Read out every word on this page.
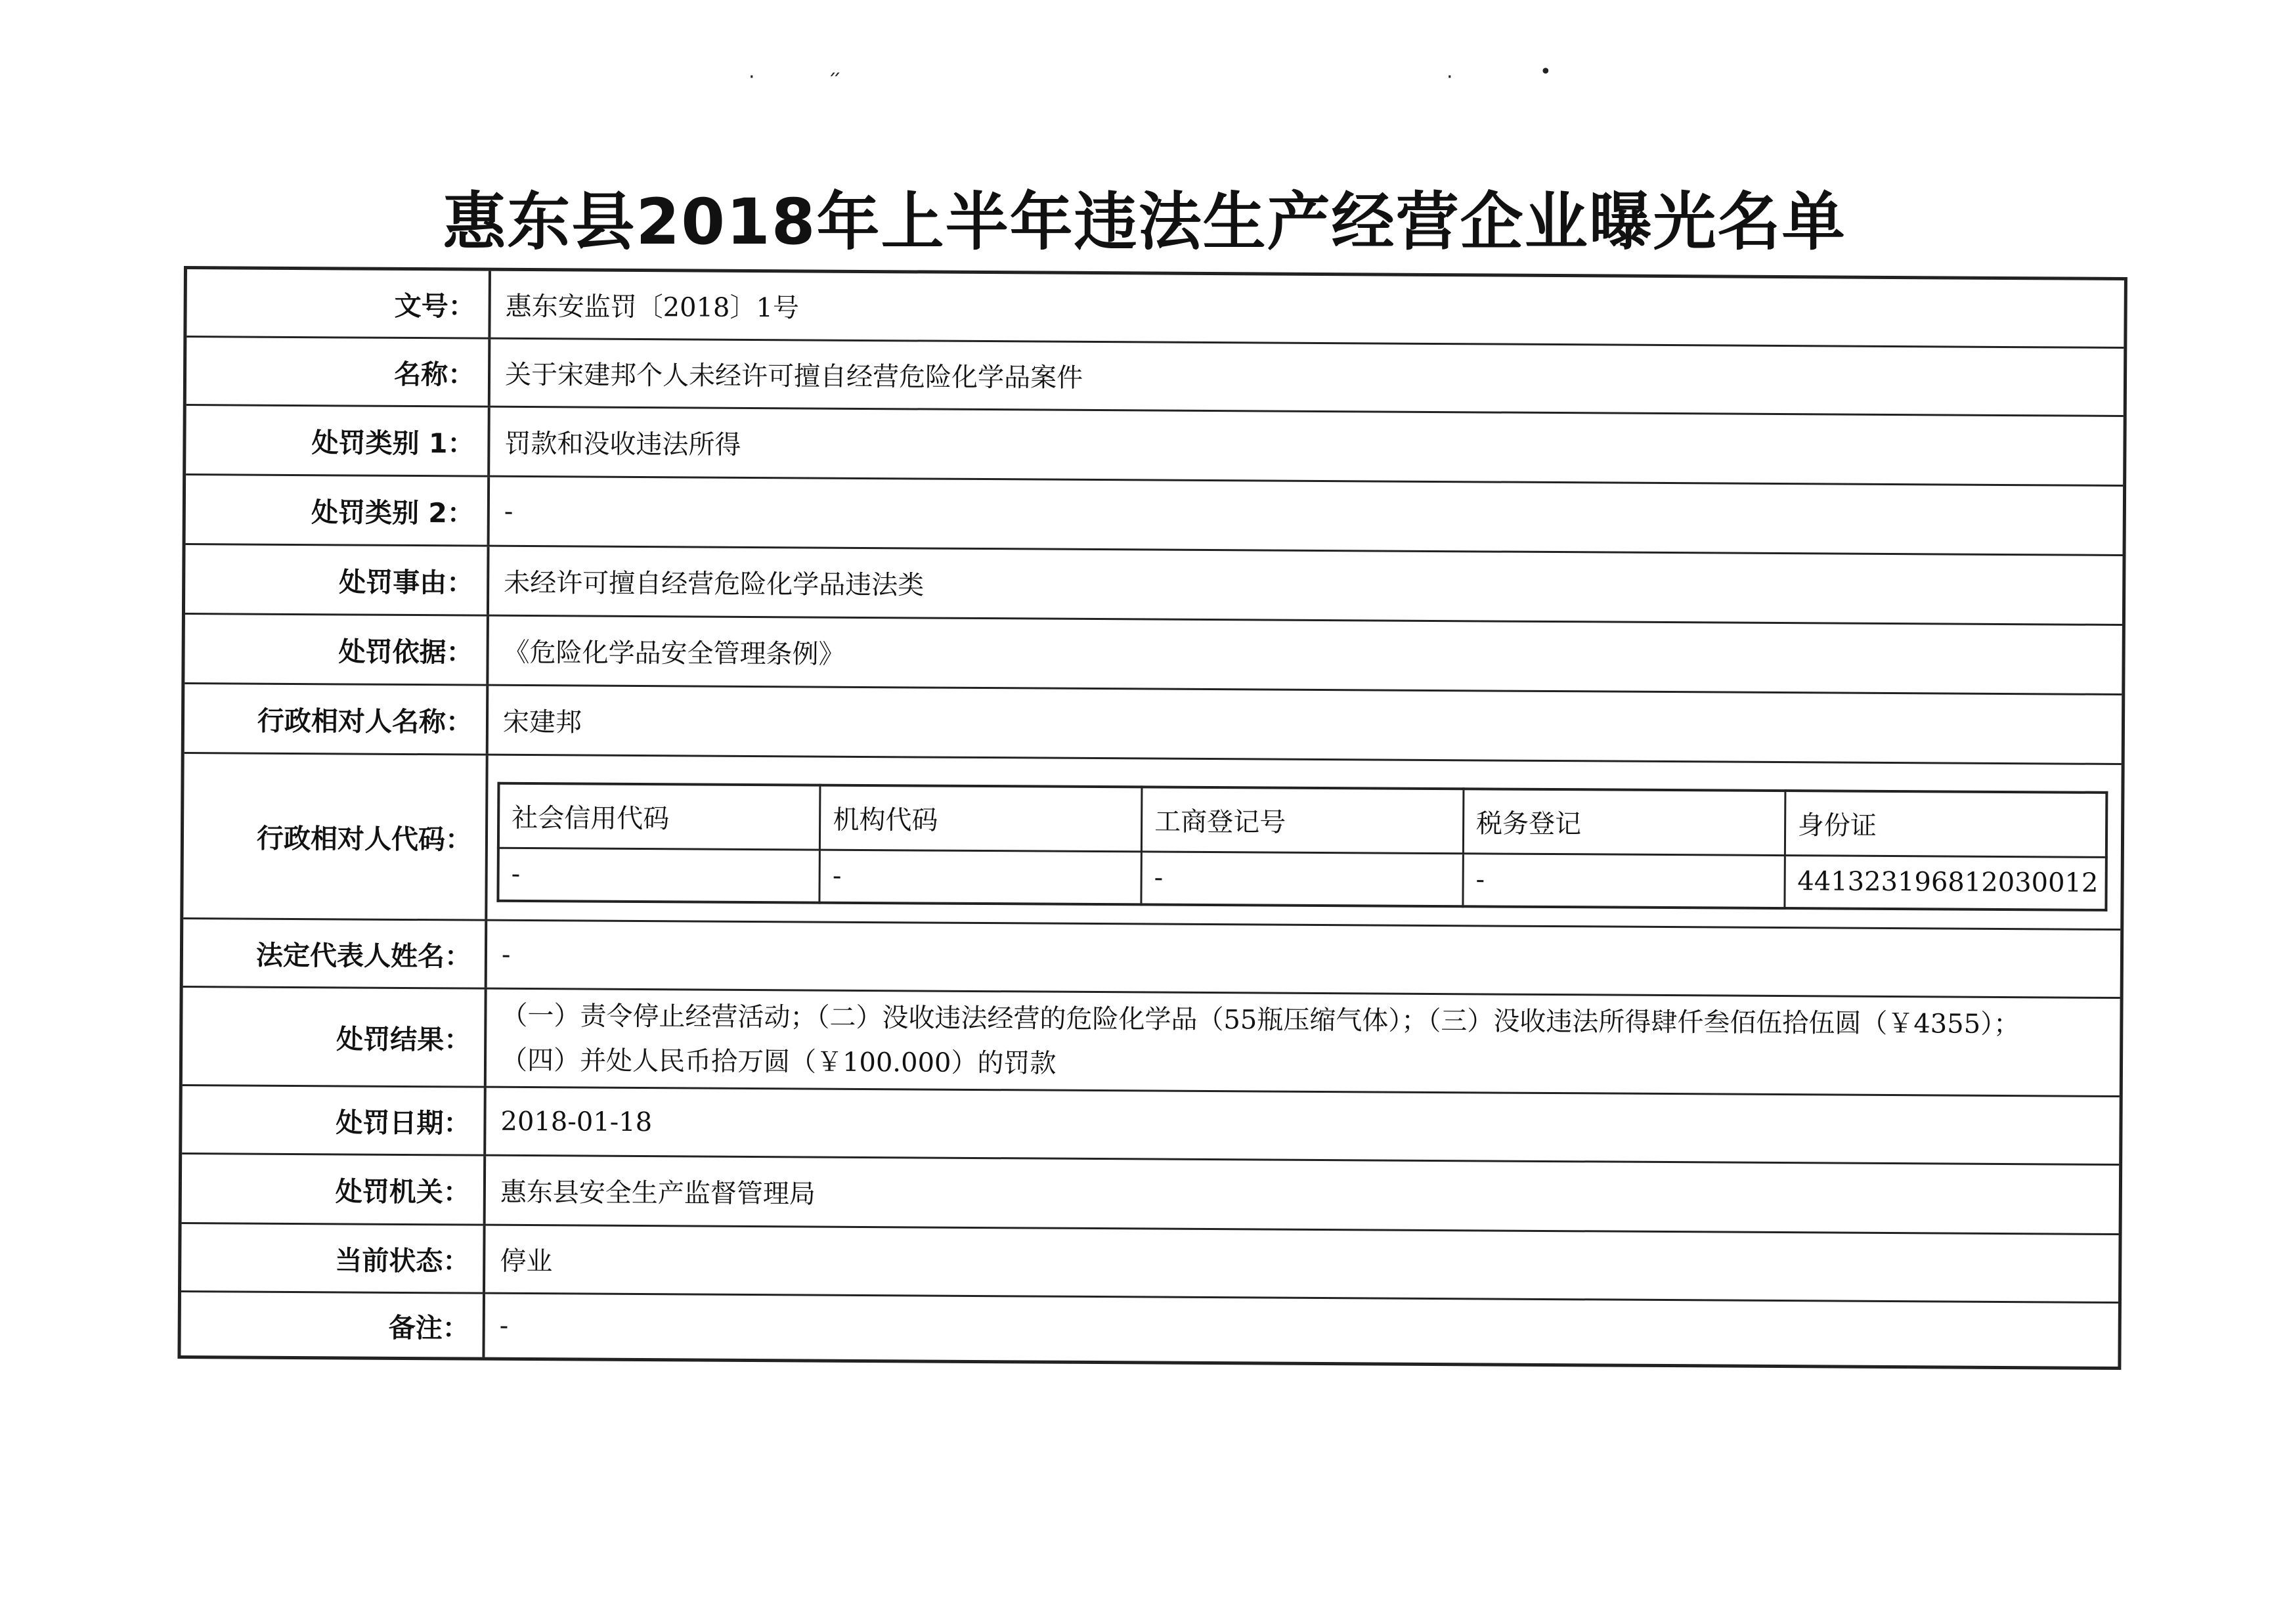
·	״	·	•
惠东县2018年上半年违法生产经营企业曝光名单
文号：	惠东安监罚〔2018〕1号
名称：	关于宋建邦个人未经许可擅自经营危险化学品案件
处罚类别 1：	罚款和没收违法所得
处罚类别 2：	-
处罚事由：	未经许可擅自经营危险化学品违法类
处罚依据：	《危险化学品安全管理条例》
行政相对人名称：	宋建邦
行政相对人代码：
社会信用代码	机构代码	工商登记号	税务登记	身份证
-	-	-	-	441323196812030012
法定代表人姓名：	-
处罚结果：
（一）责令停止经营活动；（二）没收违法经营的危险化学品（55瓶压缩气体）；（三）没收违法所得肆仟叁佰伍拾伍圆（￥4355）；
（四）并处人民币拾万圆（￥100.000）的罚款
处罚日期：	2018-01-18
处罚机关：	惠东县安全生产监督管理局
当前状态：	停业
备注：	-
